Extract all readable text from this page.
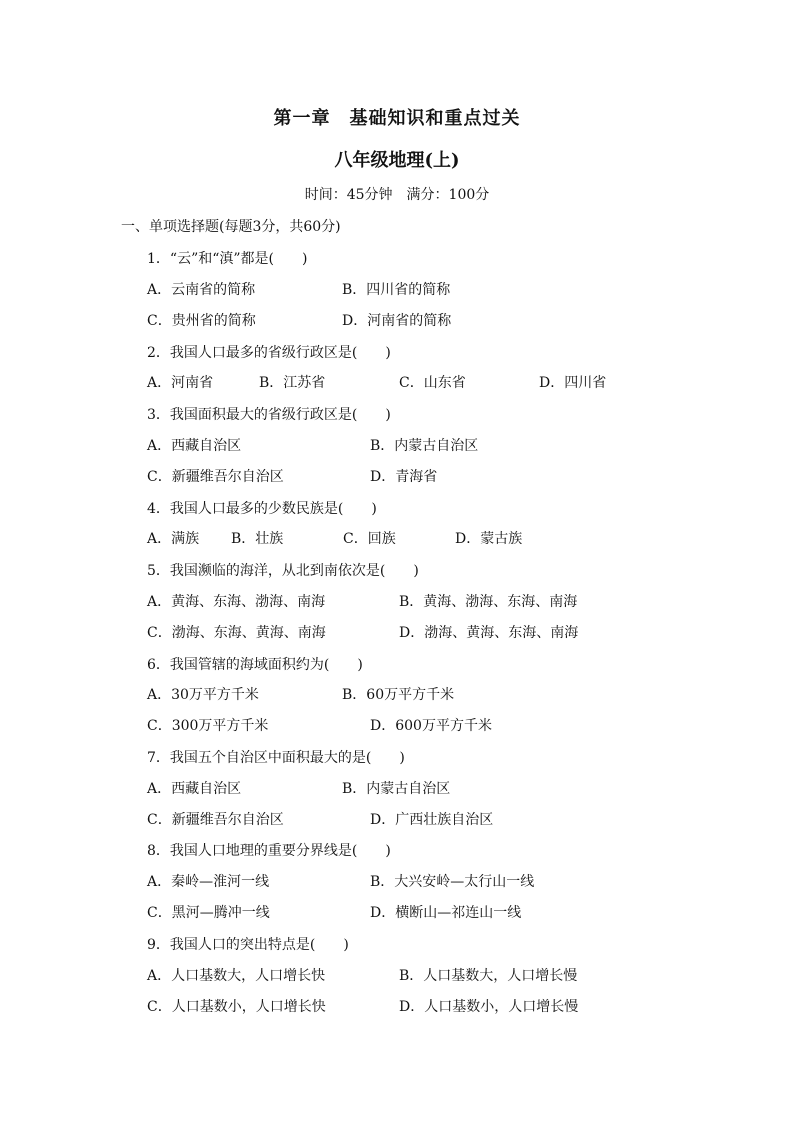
第一章　基础知识和重点过关
八年级地理(上)
时间：45分钟　满分：100分
一、单项选择题(每题3分，共60分)
1．“云”和“滇”都是(　　)
A．云南省的简称	B．四川省的简称
C．贵州省的简称	D．河南省的简称
2．我国人口最多的省级行政区是(　　)
A．河南省	B．江苏省	C．山东省	D．四川省
3．我国面积最大的省级行政区是(　　)
A．西藏自治区	B．内蒙古自治区
C．新疆维吾尔自治区	D．青海省
4．我国人口最多的少数民族是(　　)
A．满族 B．壮族	C．回族	D．蒙古族
5．我国濒临的海洋，从北到南依次是(　　)
A．黄海、东海、渤海、南海	B．黄海、渤海、东海、南海
C．渤海、东海、黄海、南海	D．渤海、黄海、东海、南海
6．我国管辖的海域面积约为(　　)
A．30万平方千米	B．60万平方千米
C．300万平方千米	D．600万平方千米
7．我国五个自治区中面积最大的是(　　)
A．西藏自治区	B．内蒙古自治区
C．新疆维吾尔自治区	D．广西壮族自治区
8．我国人口地理的重要分界线是(　　)
A．秦岭—淮河一线	B．大兴安岭—太行山一线
C．黑河—腾冲一线	D．横断山—祁连山一线
9．我国人口的突出特点是(　　)
A．人口基数大，人口增长快	B．人口基数大，人口增长慢
C．人口基数小，人口增长快	D．人口基数小，人口增长慢
